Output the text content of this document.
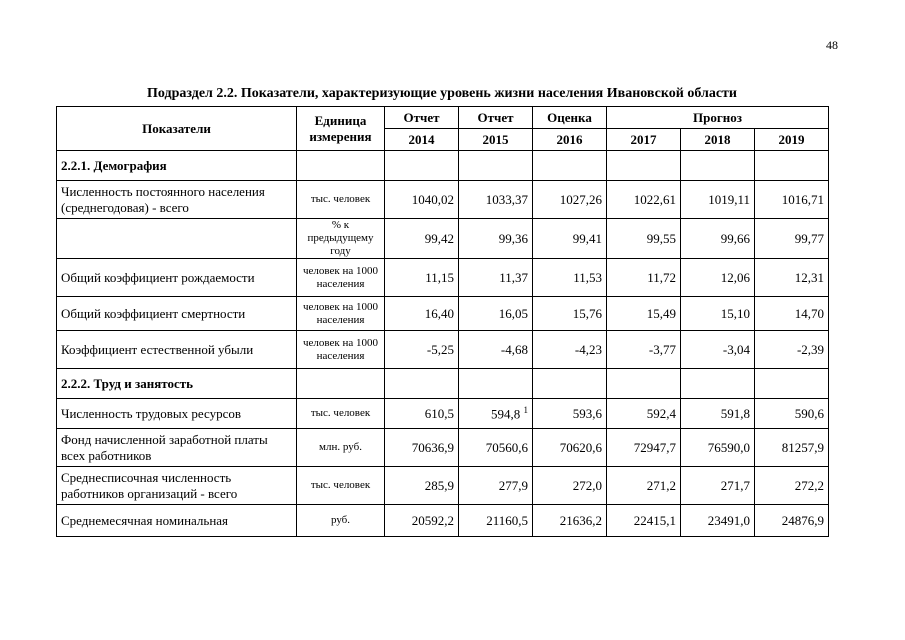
48
Подраздел 2.2. Показатели, характеризующие уровень жизни населения Ивановской области
Показатели	Единица измерения	Отчет	Отчет	Оценка	Прогноз		
		2014	2015	2016	2017	2018	2019
2.2.1. Демография							
Численность постоянного населения (среднегодовая) - всего	тыс. человек	1040,02	1033,37	1027,26	1022,61	1019,11	1016,71
	% к предыдущему году	99,42	99,36	99,41	99,55	99,66	99,77
Общий коэффициент рождаемости	человек на 1000 населения	11,15	11,37	11,53	11,72	12,06	12,31
Общий коэффициент смертности	человек на 1000 населения	16,40	16,05	15,76	15,49	15,10	14,70
Коэффициент естественной убыли	человек на 1000 населения	-5,25	-4,68	-4,23	-3,77	-3,04	-2,39
2.2.2. Труд и занятость							
Численность трудовых ресурсов	тыс. человек	610,5	594,8 $^1$	593,6	592,4	591,8	590,6
Фонд начисленной заработной платы всех работников	млн. руб.	70636,9	70560,6	70620,6	72947,7	76590,0	81257,9
Среднесписочная численность работников организаций - всего	тыс. человек	285,9	277,9	272,0	271,2	271,7	272,2
Среднемесячная номинальная	руб.	20592,2	21160,5	21636,2	22415,1	23491,0	24876,9
